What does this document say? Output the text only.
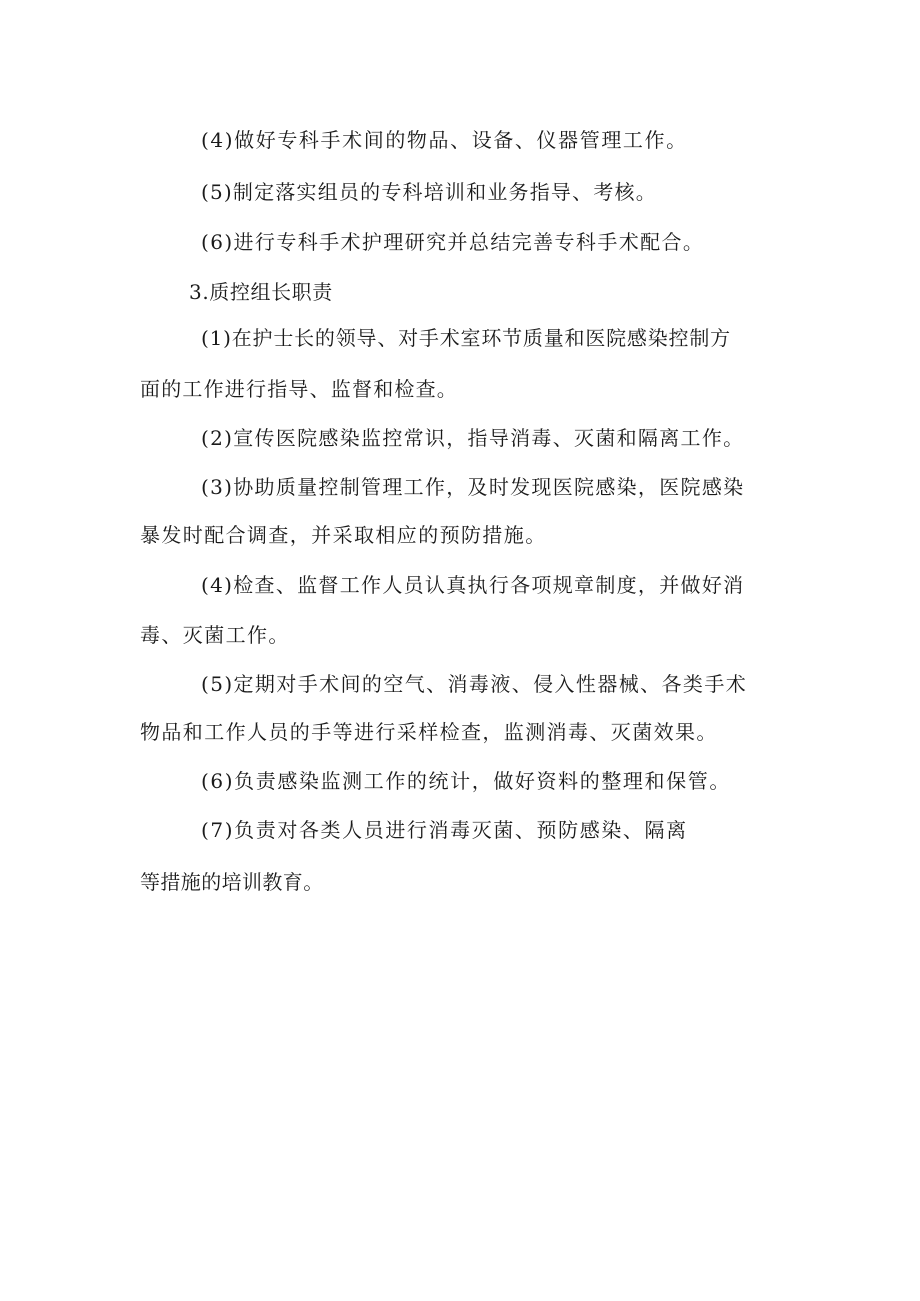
(4)做好专科手术间的物品、设备、仪器管理工作。
(5)制定落实组员的专科培训和业务指导、考核。
(6)进行专科手术护理研究并总结完善专科手术配合。
3.质控组长职责
(1)在护士长的领导、对手术室环节质量和医院感染控制方
面的工作进行指导、监督和检查。
(2)宣传医院感染监控常识，指导消毒、灭菌和隔离工作。
(3)协助质量控制管理工作，及时发现医院感染，医院感染
暴发时配合调查，并采取相应的预防措施。
(4)检查、监督工作人员认真执行各项规章制度，并做好消
毒、灭菌工作。
(5)定期对手术间的空气、消毒液、侵入性器械、各类手术
物品和工作人员的手等进行采样检查，监测消毒、灭菌效果。
(6)负责感染监测工作的统计，做好资料的整理和保管。
(7)负责对各类人员进行消毒灭菌、预防感染、隔离
等措施的培训教育。
